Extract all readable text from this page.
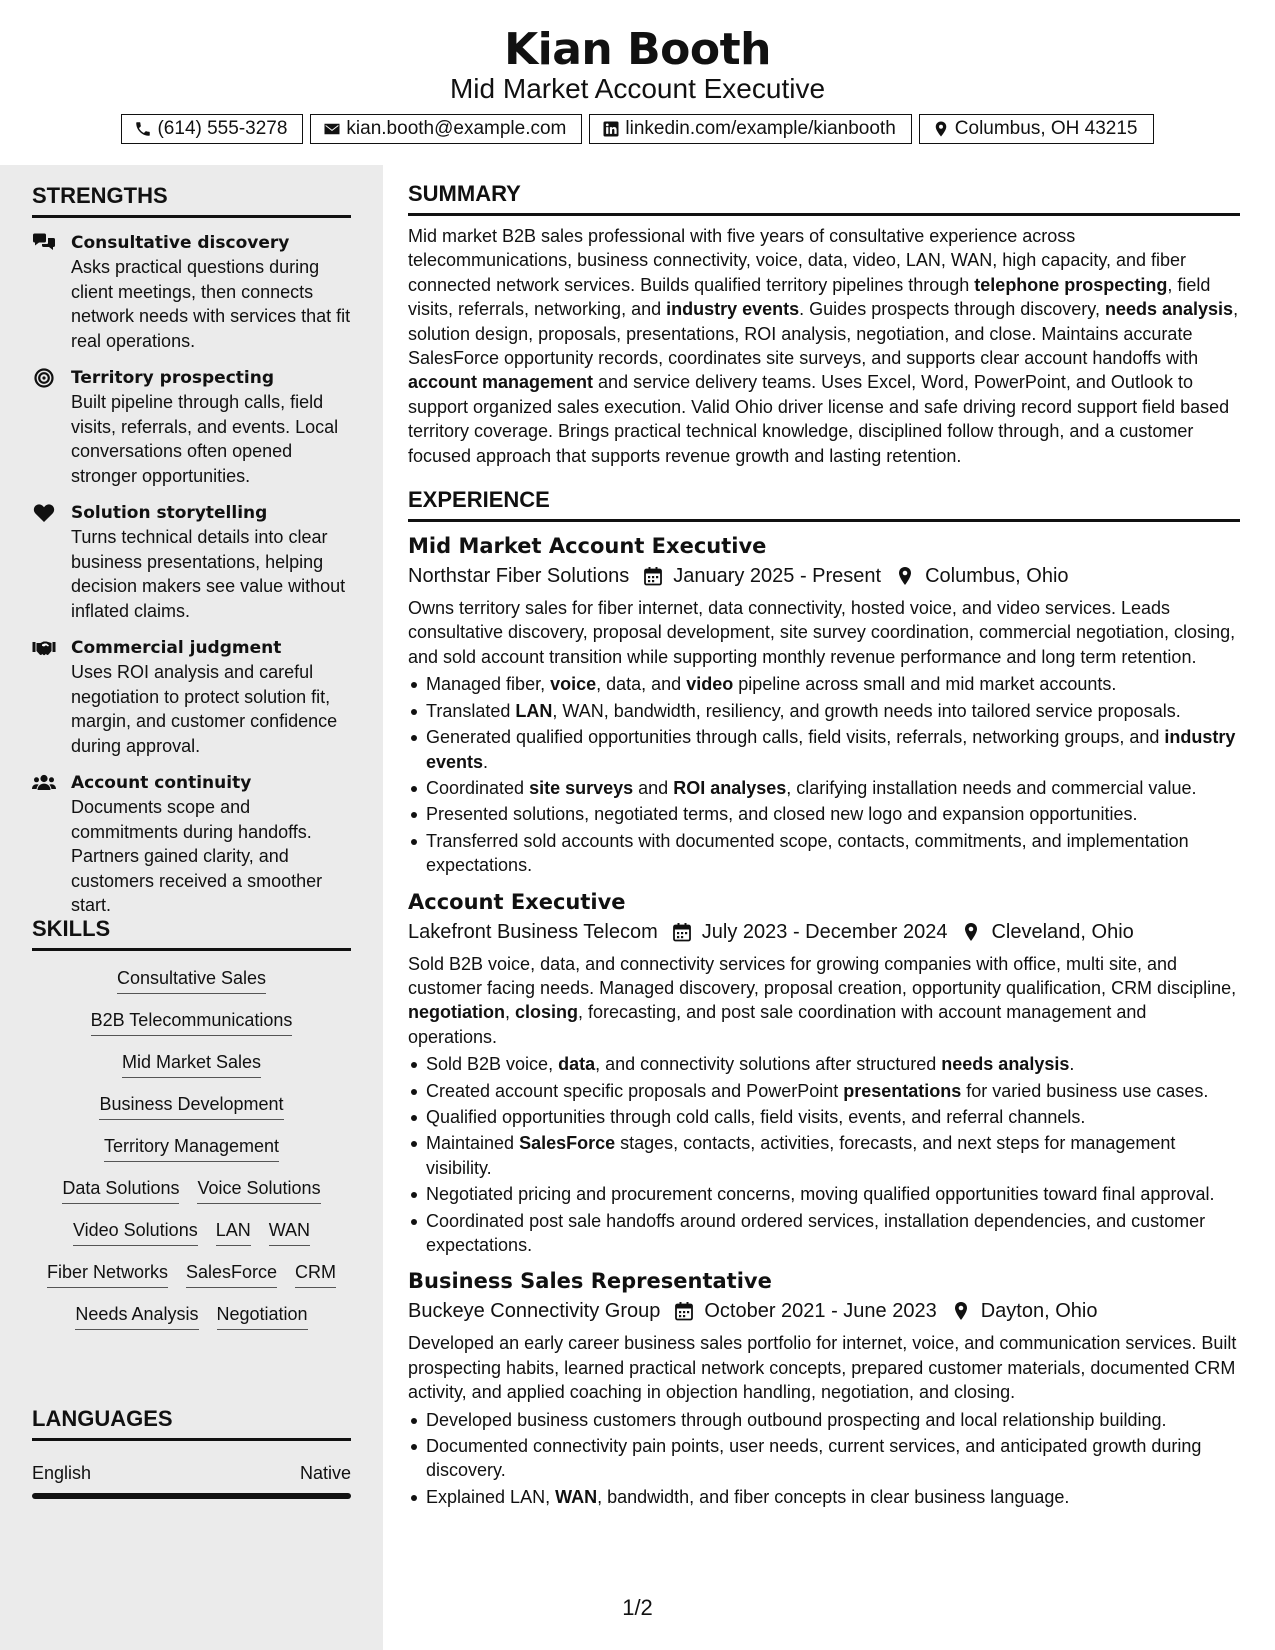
Kian Booth
Mid Market Account Executive
(614) 555-3278	kian.booth@example.com	linkedin.com/example/kianbooth	Columbus, OH 43215
STRENGTHS
Consultative discovery

Asks practical questions during client meetings, then connects network needs with services that fit real operations.

Territory prospecting

Built pipeline through calls, field visits, referrals, and events. Local conversations often opened stronger opportunities.

Solution storytelling

Turns technical details into clear business presentations, helping decision makers see value without inflated claims.

Commercial judgment

Uses ROI analysis and careful negotiation to protect solution fit, margin, and customer confidence during approval.

Account continuity

Documents scope and commitments during handoffs. Partners gained clarity, and customers received a smoother start.

SKILLS
Consultative Sales
B2B Telecommunications
Mid Market Sales
Business Development
Territory Management
Data Solutions Voice Solutions
Video Solutions LAN WAN
Fiber Networks SalesForce CRM
Needs Analysis Negotiation
LANGUAGES
English	Native
SUMMARY

Mid market B2B sales professional with five years of consultative experience across telecommunications, business connectivity, voice, data, video, LAN, WAN, high capacity, and fiber connected network services. Builds qualified territory pipelines through telephone prospecting, field visits, referrals, networking, and industry events. Guides prospects through discovery, needs analysis, solution design, proposals, presentations, ROI analysis, negotiation, and close. Maintains accurate SalesForce opportunity records, coordinates site surveys, and supports clear account handoffs with account management and service delivery teams. Uses Excel, Word, PowerPoint, and Outlook to support organized sales execution. Valid Ohio driver license and safe driving record support field based territory coverage. Brings practical technical knowledge, disciplined follow through, and a customer focused approach that supports revenue growth and lasting retention.

EXPERIENCE
Mid Market Account Executive
Northstar Fiber Solutions January 2025 - Present Columbus, Ohio

Owns territory sales for fiber internet, data connectivity, hosted voice, and video services. Leads consultative discovery, proposal development, site survey coordination, commercial negotiation, closing, and sold account transition while supporting monthly revenue performance and long term retention.

Managed fiber, voice, data, and video pipeline across small and mid market accounts.
Translated LAN, WAN, bandwidth, resiliency, and growth needs into tailored service proposals.
Generated qualified opportunities through calls, field visits, referrals, networking groups, and industry events.
Coordinated site surveys and ROI analyses, clarifying installation needs and commercial value.
Presented solutions, negotiated terms, and closed new logo and expansion opportunities.
Transferred sold accounts with documented scope, contacts, commitments, and implementation expectations.
Account Executive
Lakefront Business Telecom July 2023 - December 2024 Cleveland, Ohio

Sold B2B voice, data, and connectivity services for growing companies with office, multi site, and customer facing needs. Managed discovery, proposal creation, opportunity qualification, CRM discipline, negotiation, closing, forecasting, and post sale coordination with account management and operations.

Sold B2B voice, data, and connectivity solutions after structured needs analysis.
Created account specific proposals and PowerPoint presentations for varied business use cases.
Qualified opportunities through cold calls, field visits, events, and referral channels.
Maintained SalesForce stages, contacts, activities, forecasts, and next steps for management visibility.
Negotiated pricing and procurement concerns, moving qualified opportunities toward final approval.
Coordinated post sale handoffs around ordered services, installation dependencies, and customer expectations.
Business Sales Representative
Buckeye Connectivity Group October 2021 - June 2023 Dayton, Ohio

Developed an early career business sales portfolio for internet, voice, and communication services. Built prospecting habits, learned practical network concepts, prepared customer materials, documented CRM activity, and applied coaching in objection handling, negotiation, and closing.

Developed business customers through outbound prospecting and local relationship building.
Documented connectivity pain points, user needs, current services, and anticipated growth during discovery.
Explained LAN, WAN, bandwidth, and fiber concepts in clear business language.
1/2
